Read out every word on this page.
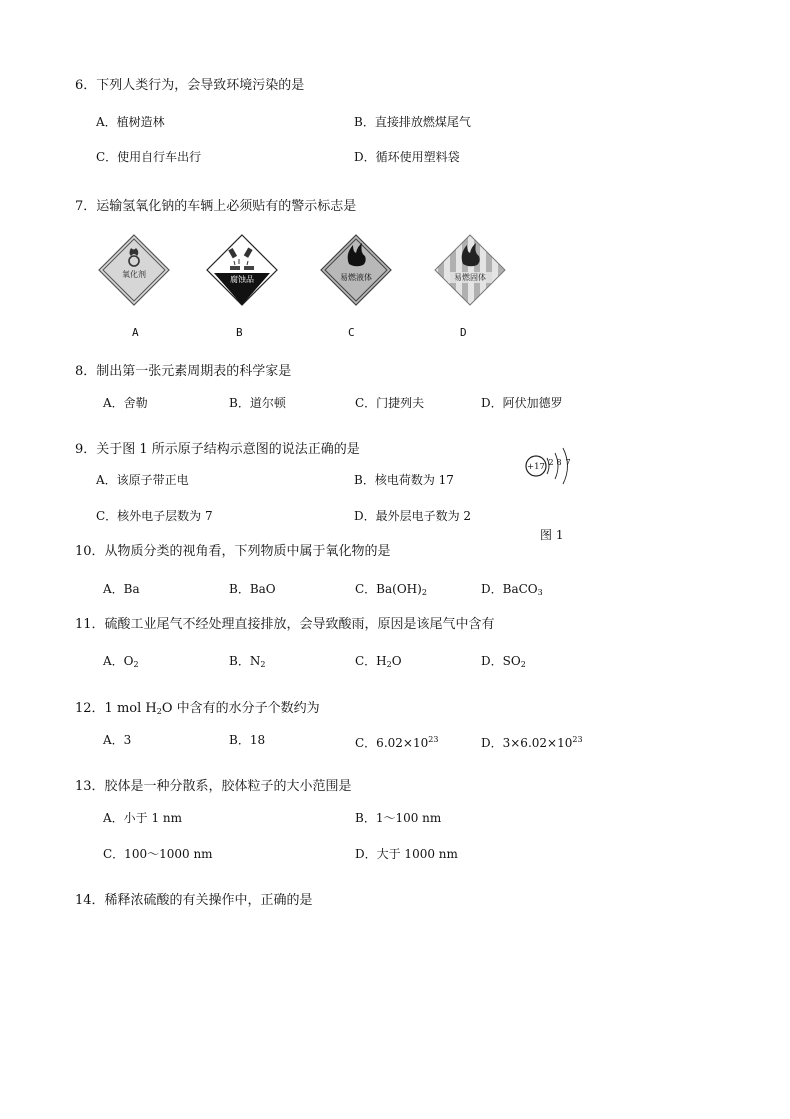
6．下列人类行为，会导致环境污染的是
A．植树造林	B．直接排放燃煤尾气
C．使用自行车出行	D．循环使用塑料袋
7．运输氢氧化钠的车辆上必须贴有的警示标志是
氧化剂
A
腐蚀品
B
易燃液体
C
易燃固体
D
8．制出第一张元素周期表的科学家是
A．舍勒	B．道尔顿	C．门捷列夫	D．阿伏加德罗
9．关于图 1 所示原子结构示意图的说法正确的是
A．该原子带正电	B．核电荷数为 17
C．核外电子层数为 7	D．最外层电子数为 2
+17 2 8 7
图 1
10．从物质分类的视角看，下列物质中属于氧化物的是
A．Ba	B．BaO	C．$Ba(OH)_2$	D．BaCO$_3$
11．硫酸工业尾气不经处理直接排放，会导致酸雨，原因是该尾气中含有
A．$O_2$	B．$N_2$	C．$H_2O$	D．$SO_2$
12．1 mol $H_2O$ 中含有的水分子个数约为
A．3	B．18	C．$6.02\times 10^{23}$	D．$3\times 6.02\times 10^{23}$
13．胶体是一种分散系，胶体粒子的大小范围是
A．小于 1 nm	B．1～100 nm
C．100～1000 nm	D．大于 1000 nm
14．稀释浓硫酸的有关操作中，正确的是
